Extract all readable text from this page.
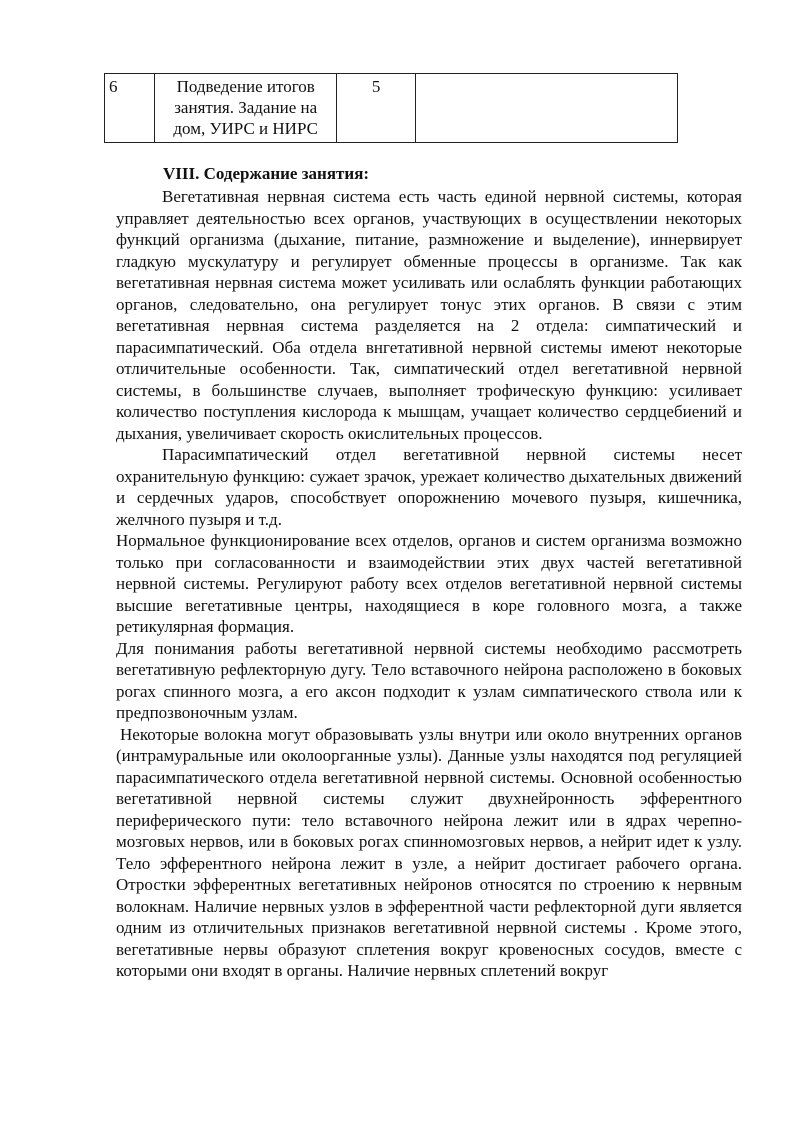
6	Подведение итогов занятия. Задание на дом, УИРС и НИРС	5	
VIII. Содержание занятия:

Вегетативная нервная система есть часть единой нервной системы, которая управляет деятельностью всех органов, участвующих в осуществлении некоторых функций организма (дыхание, питание, размножение и выделение), иннервирует гладкую мускулатуру и регулирует обменные процессы в организме. Так как вегетативная нервная система может усиливать или ослаблять функции работающих органов, следовательно, она регулирует тонус этих органов. В связи с этим вегетативная нервная система разделяется на 2 отдела: симпатический и парасимпатический. Оба отдела внгетативной нервной системы имеют некоторые отличительные особенности. Так, симпатический отдел вегетативной нервной системы, в большинстве случаев, выполняет трофическую функцию: усиливает количество поступления кислорода к мышцам, учащает количество сердцебиений и дыхания, увеличивает скорость окислительных процессов.

Парасимпатический отдел вегетативной нервной системы несет охранительную функцию: сужает зрачок, урежает количество дыхательных движений и сердечных ударов, способствует опорожнению мочевого пузыря, кишечника, желчного пузыря и т.д.

Нормальное функционирование всех отделов, органов и систем организма возможно только при согласованности и взаимодействии этих двух частей вегетативной нервной системы. Регулируют работу всех отделов вегетативной нервной системы высшие вегетативные центры, находящиеся в коре головного мозга, а также ретикулярная формация.

Для понимания работы вегетативной нервной системы необходимо рассмотреть вегетативную рефлекторную дугу. Тело вставочного нейрона расположено в боковых рогах спинного мозга, а его аксон подходит к узлам симпатического ствола или к предпозвоночным узлам.

Некоторые волокна могут образовывать узлы внутри или около внутренних органов (интрамуральные или околоорганные узлы). Данные узлы находятся под регуляцией парасимпатического отдела вегетативной нервной системы. Основной особенностью вегетативной нервной системы служит двухнейронность эфферентного периферического пути: тело вставочного нейрона лежит или в ядрах черепно-мозговых нервов, или в боковых рогах спинномозговых нервов, а нейрит идет к узлу. Тело эфферентного нейрона лежит в узле, а нейрит достигает рабочего органа. Отростки эфферентных вегетативных нейронов относятся по строению к нервным волокнам. Наличие нервных узлов в эфферентной части рефлекторной дуги является одним из отличительных признаков вегетативной нервной системы . Кроме этого, вегетативные нервы образуют сплетения вокруг кровеносных сосудов, вместе с которыми они входят в органы. Наличие нервных сплетений вокруг
